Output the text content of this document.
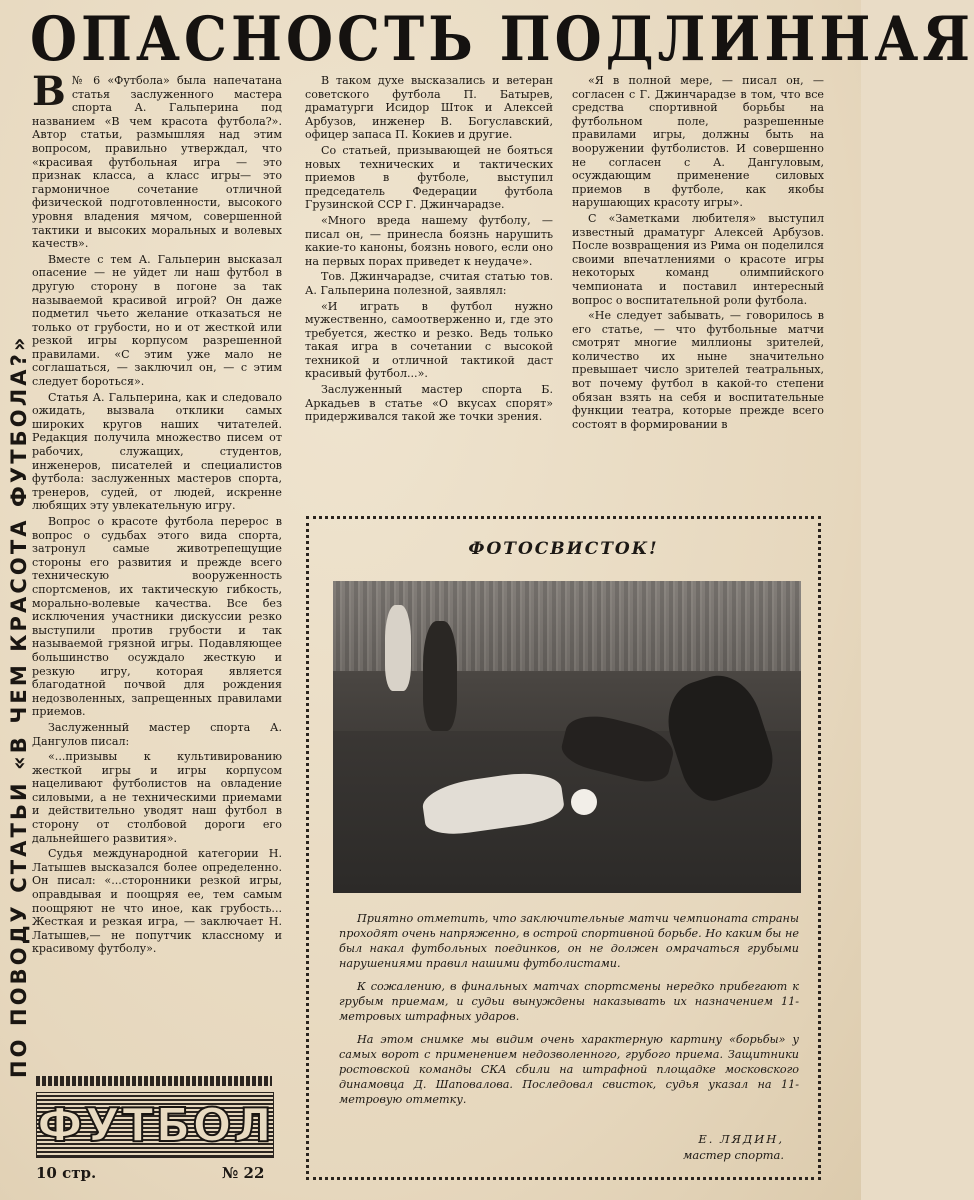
ОПАСНОСТЬ ПОДЛИННАЯ
ПО ПОВОДУ СТАТЬИ «В ЧЕМ КРАСОТА ФУТБОЛА?»

В № 6 «Футбола» была напечатана статья заслуженного мастера спорта А. Гальперина под названием «В чем красота футбола?». Автор статьи, размышляя над этим вопросом, правильно утверждал, что «красивая футбольная игра — это признак класса, а класс игры— это гармоничное сочетание отличной физической подготовленности, высокого уровня владения мячом, совершенной тактики и высоких моральных и волевых качеств».

Вместе с тем А. Гальперин высказал опасение — не уйдет ли наш футбол в другую сторону в погоне за так называемой красивой игрой? Он даже подметил чьето желание отказаться не только от грубости, но и от жесткой или резкой игры корпусом разрешенной правилами. «С этим уже мало не соглашаться, — заключил он, — с этим следует бороться».

Статья А. Гальперина, как и следовало ожидать, вызвала отклики самых широких кругов наших читателей. Редакция получила множество писем от рабочих, служащих, студентов, инженеров, писателей и специалистов футбола: заслуженных мастеров спорта, тренеров, судей, от людей, искренне любящих эту увлекательную игру.

Вопрос о красоте футбола перерос в вопрос о судьбах этого вида спорта, затронул самые животрепещущие стороны его развития и прежде всего техническую вооруженность спортсменов, их тактическую гибкость, морально-волевые качества. Все без исключения участники дискуссии резко выступили против грубости и так называемой грязной игры. Подавляющее большинство осуждало жесткую и резкую игру, которая является благодатной почвой для рождения недозволенных, запрещенных правилами приемов.

Заслуженный мастер спорта А. Дангулов писал:

«...призывы к культивированию жесткой игры и игры корпусом нацеливают футболистов на овладение силовыми, а не техническими приемами и действительно уводят наш футбол в сторону от столбовой дороги его дальнейшего развития».

Судья международной категории Н. Латышев высказался более определенно. Он писал: «...сторонники резкой игры, оправдывая и поощряя ее, тем самым поощряют не что иное, как грубость... Жесткая и резкая игра, — заключает Н. Латышев,— не попутчик классному и красивому футболу».

В таком духе высказались и ветеран советского футбола П. Батырев, драматурги Исидор Шток и Алексей Арбузов, инженер В. Богуславский, офицер запаса П. Кокиев и другие.

Со статьей, призывающей не бояться новых технических и тактических приемов в футболе, выступил председатель Федерации футбола Грузинской ССР Г. Джинчарадзе.

«Много вреда нашему футболу, — писал он, — принесла боязнь нарушить какие-то каноны, боязнь нового, если оно на первых порах приведет к неудаче».

Тов. Джинчарадзе, считая статью тов. А. Гальперина полезной, заявлял:

«И играть в футбол нужно мужественно, самоотверженно и, где это требуется, жестко и резко. Ведь только такая игра в сочетании с высокой техникой и отличной тактикой даст красивый футбол...».

Заслуженный мастер спорта Б. Аркадьев в статье «О вкусах спорят» придерживался такой же точки зрения.

«Я в полной мере, — писал он, — согласен с Г. Джинчарадзе в том, что все средства спортивной борьбы на футбольном поле, разрешенные правилами игры, должны быть на вооружении футболистов. И совершенно не согласен с А. Дангуловым, осуждающим применение силовых приемов в футболе, как якобы нарушающих красоту игры».

С «Заметками любителя» выступил известный драматург Алексей Арбузов. После возвращения из Рима он поделился своими впечатлениями о красоте игры некоторых команд олимпийского чемпионата и поставил интересный вопрос о воспитательной роли футбола.

«Не следует забывать, — говорилось в его статье, — что футбольные матчи смотрят многие миллионы зрителей, количество их ныне значительно превышает число зрителей театральных, вот почему футбол в какой-то степени обязан взять на себя и воспитательные функции театра, которые прежде всего состоят в формировании в

ФОТОСВИСТОК!

Приятно отметить, что заключительные матчи чемпионата страны проходят очень напряженно, в острой спортивной борьбе. Но каким бы не был накал футбольных поединков, он не должен омрачаться грубыми нарушениями правил нашими футболистами.

К сожалению, в финальных матчах спортсмены нередко прибегают к грубым приемам, и судьи вынуждены наказывать их назначением 11-метровых штрафных ударов.

На этом снимке мы видим очень характерную картину «борьбы» у самых ворот с применением недозволенного, грубого приема. Защитники ростовской команды СКА сбили на штрафной площадке московского динамовца Д. Шаповалова. Последовал свисток, судья указал на 11-метровую отметку.

Е. ЛЯДИН,
мастер спорта.
ФУТБОЛ
10 стр.	№ 22
